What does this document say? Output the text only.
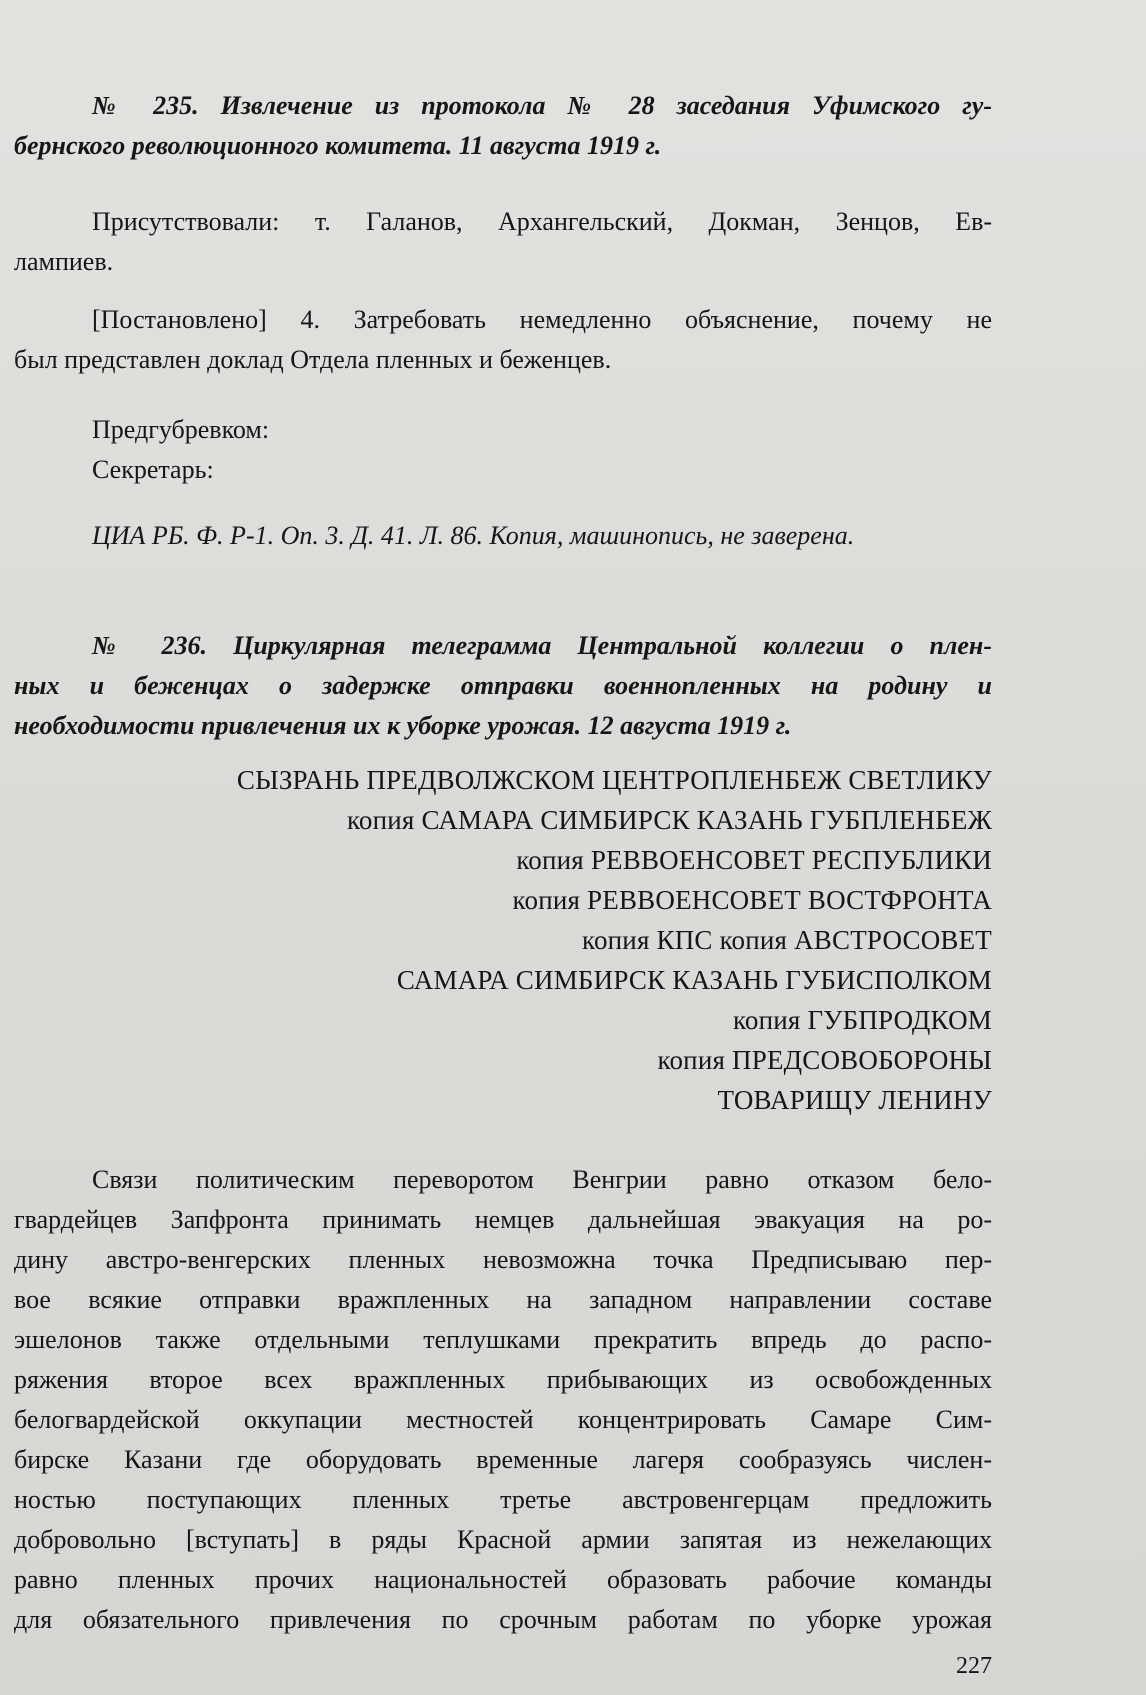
№ 235. Извлечение из протокола № 28 заседания Уфимского гу-
бернского революционного комитета. 11 августа 1919 г.
Присутствовали: т. Галанов, Архангельский, Докман, Зенцов, Ев-
лампиев.
[Постановлено] 4. Затребовать немедленно объяснение, почему не
был представлен доклад Отдела пленных и беженцев.
Предгубревком:
Секретарь:
ЦИА РБ. Ф. Р-1. Оп. 3. Д. 41. Л. 86. Копия, машинопись, не заверена.
№ 236. Циркулярная телеграмма Центральной коллегии о плен-
ных и беженцах о задержке отправки военнопленных на родину и
необходимости привлечения их к уборке урожая. 12 августа 1919 г.
СЫЗРАНЬ ПРЕДВОЛЖСКОМ ЦЕНТРОПЛЕНБЕЖ СВЕТЛИКУ
копия САМАРА СИМБИРСК КАЗАНЬ ГУБПЛЕНБЕЖ
копия РЕВВОЕНСОВЕТ РЕСПУБЛИКИ
копия РЕВВОЕНСОВЕТ ВОСТФРОНТА
копия КПС копия АВСТРОСОВЕТ
САМАРА СИМБИРСК КАЗАНЬ ГУБИСПОЛКОМ
копия ГУБПРОДКОМ
копия ПРЕДСОВОБОРОНЫ
ТОВАРИЩУ ЛЕНИНУ
Связи политическим переворотом Венгрии равно отказом бело-
гвардейцев Запфронта принимать немцев дальнейшая эвакуация на ро-
дину австро-венгерских пленных невозможна точка Предписываю пер-
вое всякие отправки вражпленных на западном направлении составе
эшелонов также отдельными теплушками прекратить впредь до распо-
ряжения второе всех вражпленных прибывающих из освобожденных
белогвардейской оккупации местностей концентрировать Самаре Сим-
бирске Казани где оборудовать временные лагеря сообразуясь числен-
ностью поступающих пленных третье австровенгерцам предложить
добровольно [вступать] в ряды Красной армии запятая из нежелающих
равно пленных прочих национальностей образовать рабочие команды
для обязательного привлечения по срочным работам по уборке урожая
227
